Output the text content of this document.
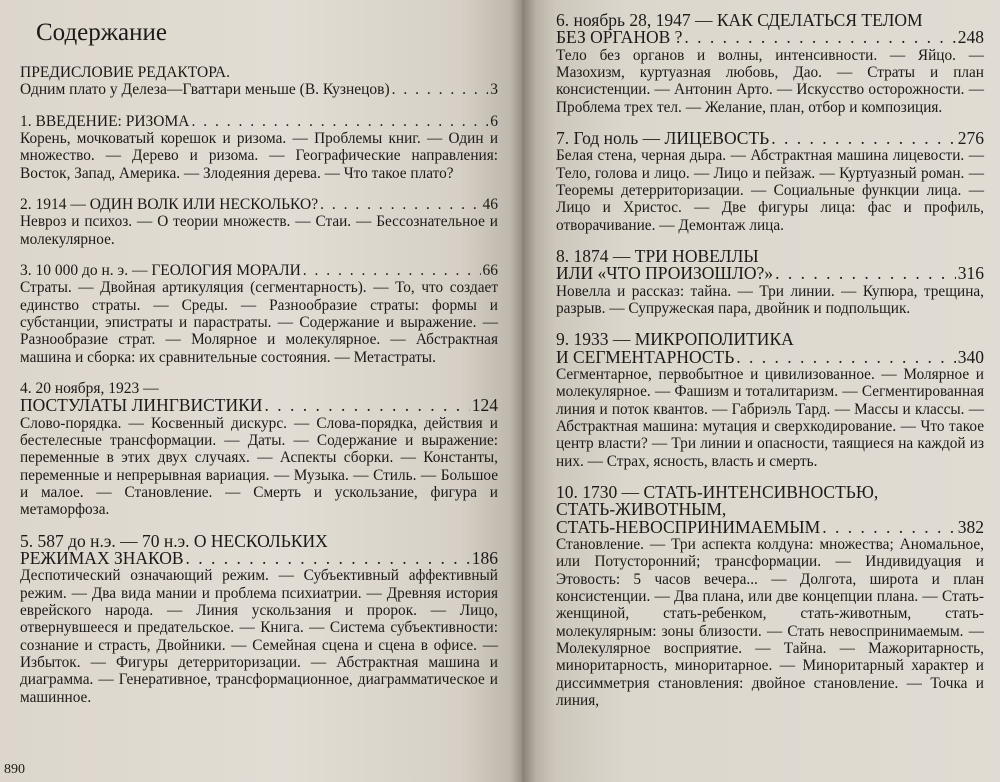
Содержание
ПРЕДИСЛОВИЕ РЕДАКТОРА.
Одним плато у Делеза—Гваттари меньше (В. Кузнецов) . . .	3
1. ВВЕДЕНИЕ: РИЗОМА . . .	6
Корень, мочковатый корешок и ризома. — Проблемы книг. — Один и множество. — Дерево и ризома. — Географические направления: Восток, Запад, Америка. — Злодеяния дерева. — Что такое плато?
2. 1914 — ОДИН ВОЛК ИЛИ НЕСКОЛЬКО? . . .	46
Невроз и психоз. — О теории множеств. — Стаи. — Бессознательное и молекулярное.
3. 10 000 до н. э. — ГЕОЛОГИЯ МОРАЛИ . . .	66
Страты. — Двойная артикуляция (сегментарность). — То, что создает единство страты. — Среды. — Разнообразие страты: формы и субстанции, эпистраты и парастраты. — Содержание и выражение. — Разнообразие страт. — Молярное и молекулярное. — Абстрактная машина и сборка: их сравнительные состояния. — Метастраты.
4. 20 ноября, 1923 —
ПОСТУЛАТЫ ЛИНГВИСТИКИ . . .	124
Слово-порядка. — Косвенный дискурс. — Слова-порядка, действия и бестелесные трансформации. — Даты. — Содержание и выражение: переменные в этих двух случаях. — Аспекты сборки. — Константы, переменные и непрерывная вариация. — Музыка. — Стиль. — Большое и малое. — Становление. — Смерть и ускользание, фигура и метаморфоза.
5. 587 до н.э. — 70 н.э. О НЕСКОЛЬКИХ
РЕЖИМАХ ЗНАКОВ . . .	186
Деспотический означающий режим. — Субъективный аффективный режим. — Два вида мании и проблема психиатрии. — Древняя история еврейского народа. — Линия ускользания и пророк. — Лицо, отвернувшееся и предательское. — Книга. — Система субъективности: сознание и страсть, Двойники. — Семейная сцена и сцена в офисе. — Избыток. — Фигуры детерриторизации. — Абстрактная машина и диаграмма. — Генеративное, трансформационное, диаграмматическое и машинное.
890
6. ноябрь 28, 1947 — КАК СДЕЛАТЬСЯ ТЕЛОМ
БЕЗ ОРГАНОВ ? . . .	248
Тело без органов и волны, интенсивности. — Яйцо. — Мазохизм, куртуазная любовь, Дао. — Страты и план консистенции. — Антонин Арто. — Искусство осторожности. — Проблема трех тел. — Желание, план, отбор и композиция.
7. Год ноль — ЛИЦЕВОСТЬ . . .	276
Белая стена, черная дыра. — Абстрактная машина лицевости. — Тело, голова и лицо. — Лицо и пейзаж. — Куртуазный роман. — Теоремы детерриторизации. — Социальные функции лица. — Лицо и Христос. — Две фигуры лица: фас и профиль, отворачивание. — Демонтаж лица.
8. 1874 — ТРИ НОВЕЛЛЫ
ИЛИ «ЧТО ПРОИЗОШЛО?» . . .	316
Новелла и рассказ: тайна. — Три линии. — Купюра, трещина, разрыв. — Супружеская пара, двойник и подпольщик.
9. 1933 — МИКРОПОЛИТИКА
И СЕГМЕНТАРНОСТЬ . . .	340
Сегментарное, первобытное и цивилизованное. — Молярное и молекулярное. — Фашизм и тоталитаризм. — Сегментированная линия и поток квантов. — Габриэль Тард. — Массы и классы. — Абстрактная машина: мутация и сверхкодирование. — Что такое центр власти? — Три линии и опасности, таящиеся на каждой из них. — Страх, ясность, власть и смерть.
10. 1730 — СТАТЬ-ИНТЕНСИВНОСТЬЮ,
СТАТЬ-ЖИВОТНЫМ,
СТАТЬ-НЕВОСПРИНИМАЕМЫМ . . .	382
Становление. — Три аспекта колдуна: множества; Аномальное, или Потусторонний; трансформации. — Индивидуация и Этовость: 5 часов вечера... — Долгота, широта и план консистенции. — Два плана, или две концепции плана. — Стать-женщиной, стать-ребенком, стать-животным, стать-молекулярным: зоны близости. — Стать невоспринимаемым. — Молекулярное восприятие. — Тайна. — Мажоритарность, миноритарность, миноритарное. — Миноритарный характер и диссимметрия становления: двойное становление. — Точка и линия,
